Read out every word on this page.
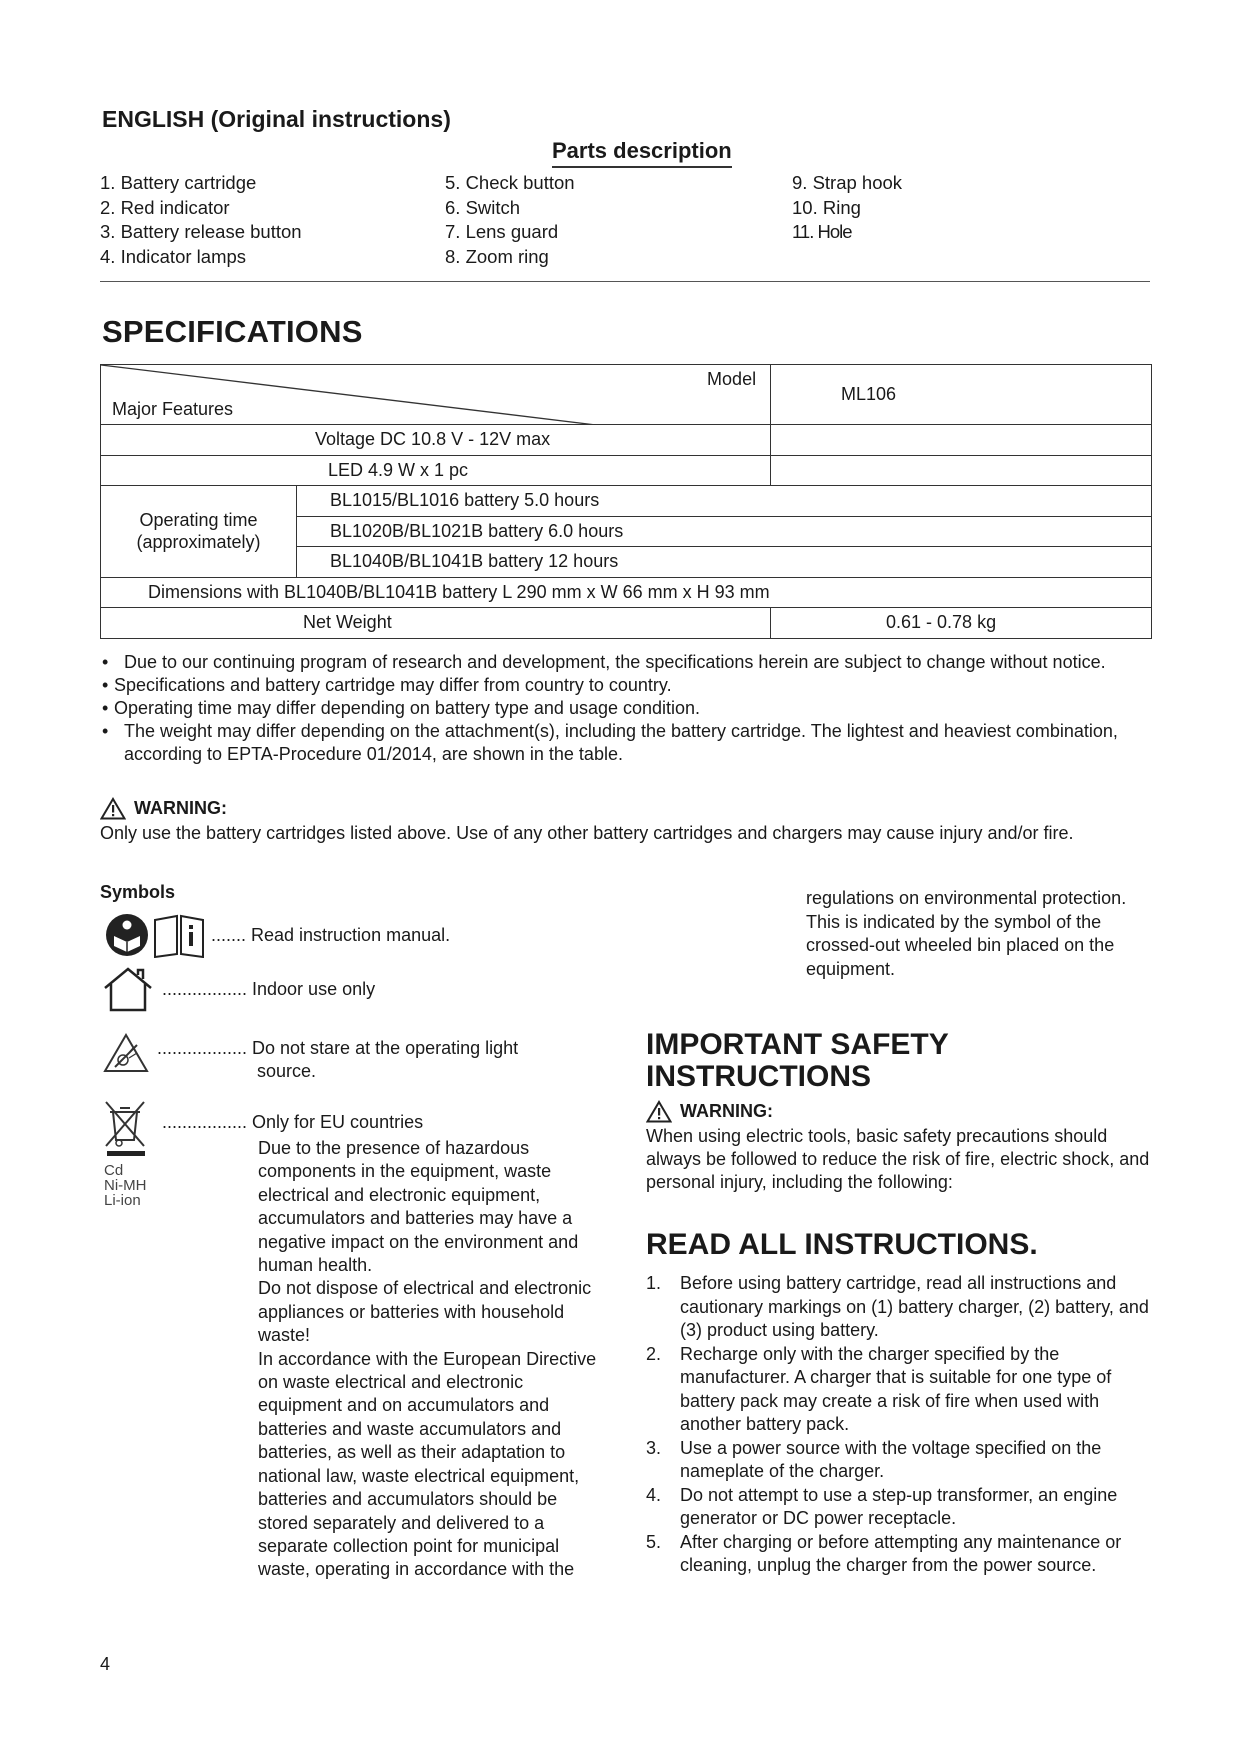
ENGLISH (Original instructions)
Parts description
1. Battery cartridge
2. Red indicator
3. Battery release button
4. Indicator lamps
5. Check button
6. Switch
7. Lens guard
8. Zoom ring
9. Strap hook
10. Ring
11. Hole
SPECIFICATIONS
Model
Major Features		ML106
Voltage DC 10.8 V - 12V max		
LED 4.9 W x 1 pc		

Operating time
(approximately)	BL1015/BL1016 battery 5.0 hours	
	BL1020B/BL1021B battery 6.0 hours	
	BL1040B/BL1041B battery 12 hours	
Dimensions with BL1040B/BL1041B battery L 290 mm x W 66 mm x H 93 mm		
Net Weight		0.61 - 0.78 kg
• Due to our continuing program of research and development, the specifications herein are subject to change without notice.
• Specifications and battery cartridge may differ from country to country.
• Operating time may differ depending on battery type and usage condition.
• The weight may differ depending on the attachment(s), including the battery cartridge. The lightest and heaviest combination, according to EPTA-Procedure 01/2014, are shown in the table.
WARNING:
Only use the battery cartridges listed above. Use of any other battery cartridges and chargers may cause injury and/or fire.
Symbols
....... Read instruction manual.
................. Indoor use only
.................. Do not stare at the operating light
source.
Cd
Ni-MH
Li-ion
................. Only for EU countries
Due to the presence of hazardous components in the equipment, waste electrical and electronic equipment, accumulators and batteries may have a negative impact on the environment and human health.
Do not dispose of electrical and electronic appliances or batteries with household waste!
In accordance with the European Directive on waste electrical and electronic equipment and on accumulators and batteries and waste accumulators and batteries, as well as their adaptation to national law, waste electrical equipment, batteries and accumulators should be stored separately and delivered to a separate collection point for municipal waste, operating in accordance with the
regulations on environmental protection.
This is indicated by the symbol of the crossed-out wheeled bin placed on the equipment.
IMPORTANT SAFETY
INSTRUCTIONS
WARNING:
When using electric tools, basic safety precautions should always be followed to reduce the risk of fire, electric shock, and personal injury, including the following:
READ ALL INSTRUCTIONS.
1. Before using battery cartridge, read all instructions and cautionary markings on (1) battery charger, (2) battery, and (3) product using battery.
2. Recharge only with the charger specified by the manufacturer. A charger that is suitable for one type of battery pack may create a risk of fire when used with another battery pack.
3. Use a power source with the voltage specified on the nameplate of the charger.
4. Do not attempt to use a step-up transformer, an engine generator or DC power receptacle.
5. After charging or before attempting any maintenance or cleaning, unplug the charger from the power source.
4
